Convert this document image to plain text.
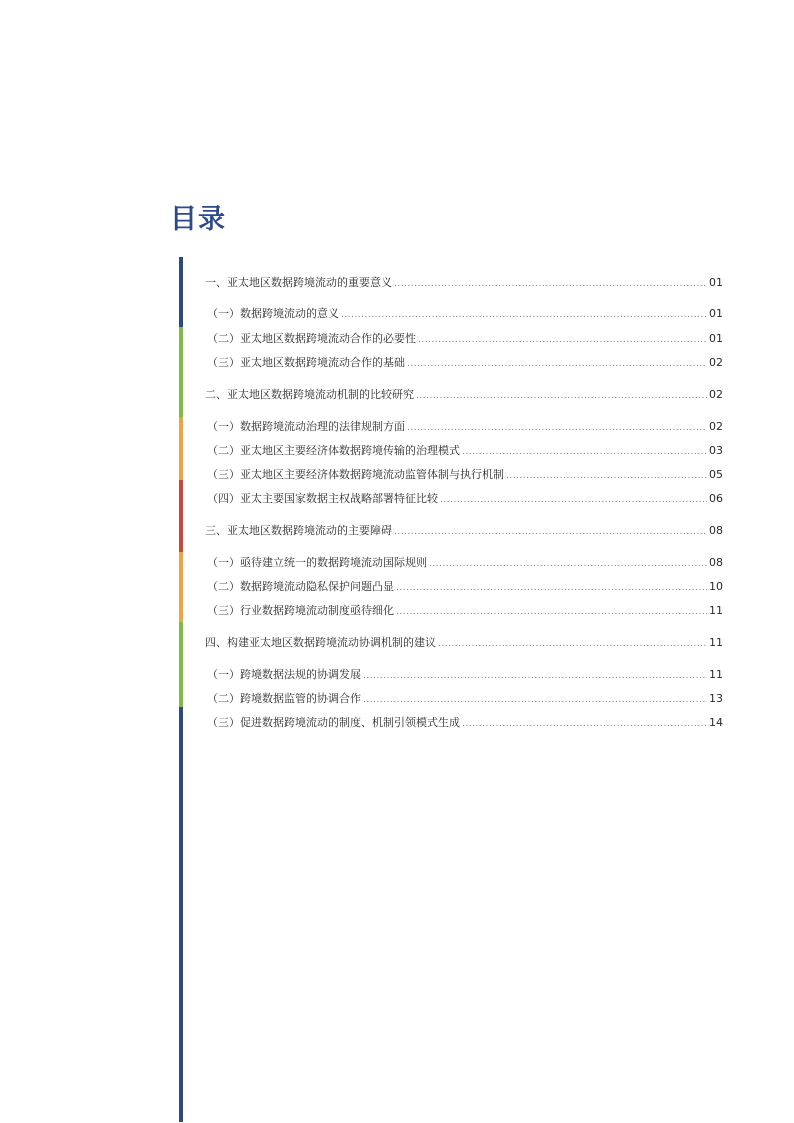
目录
一、亚太地区数据跨境流动的重要意义 .....	01
（一）数据跨境流动的意义 .....	01
（二）亚太地区数据跨境流动合作的必要性 .....	01
（三）亚太地区数据跨境流动合作的基础 .....	02
二、亚太地区数据跨境流动机制的比较研究 .....	02
（一）数据跨境流动治理的法律规制方面 .....	02
（二）亚太地区主要经济体数据跨境传输的治理模式 .....	03
（三）亚太地区主要经济体数据跨境流动监管体制与执行机制 .....	05
（四）亚太主要国家数据主权战略部署特征比较 .....	06
三、亚太地区数据跨境流动的主要障碍 .....	08
（一）亟待建立统一的数据跨境流动国际规则 .....	08
（二）数据跨境流动隐私保护问题凸显 .....	10
（三）行业数据跨境流动制度亟待细化 .....	11
四、构建亚太地区数据跨境流动协调机制的建议 .....	11
（一）跨境数据法规的协调发展 .....	11
（二）跨境数据监管的协调合作 .....	13
（三）促进数据跨境流动的制度、机制引领模式生成 .....	14
